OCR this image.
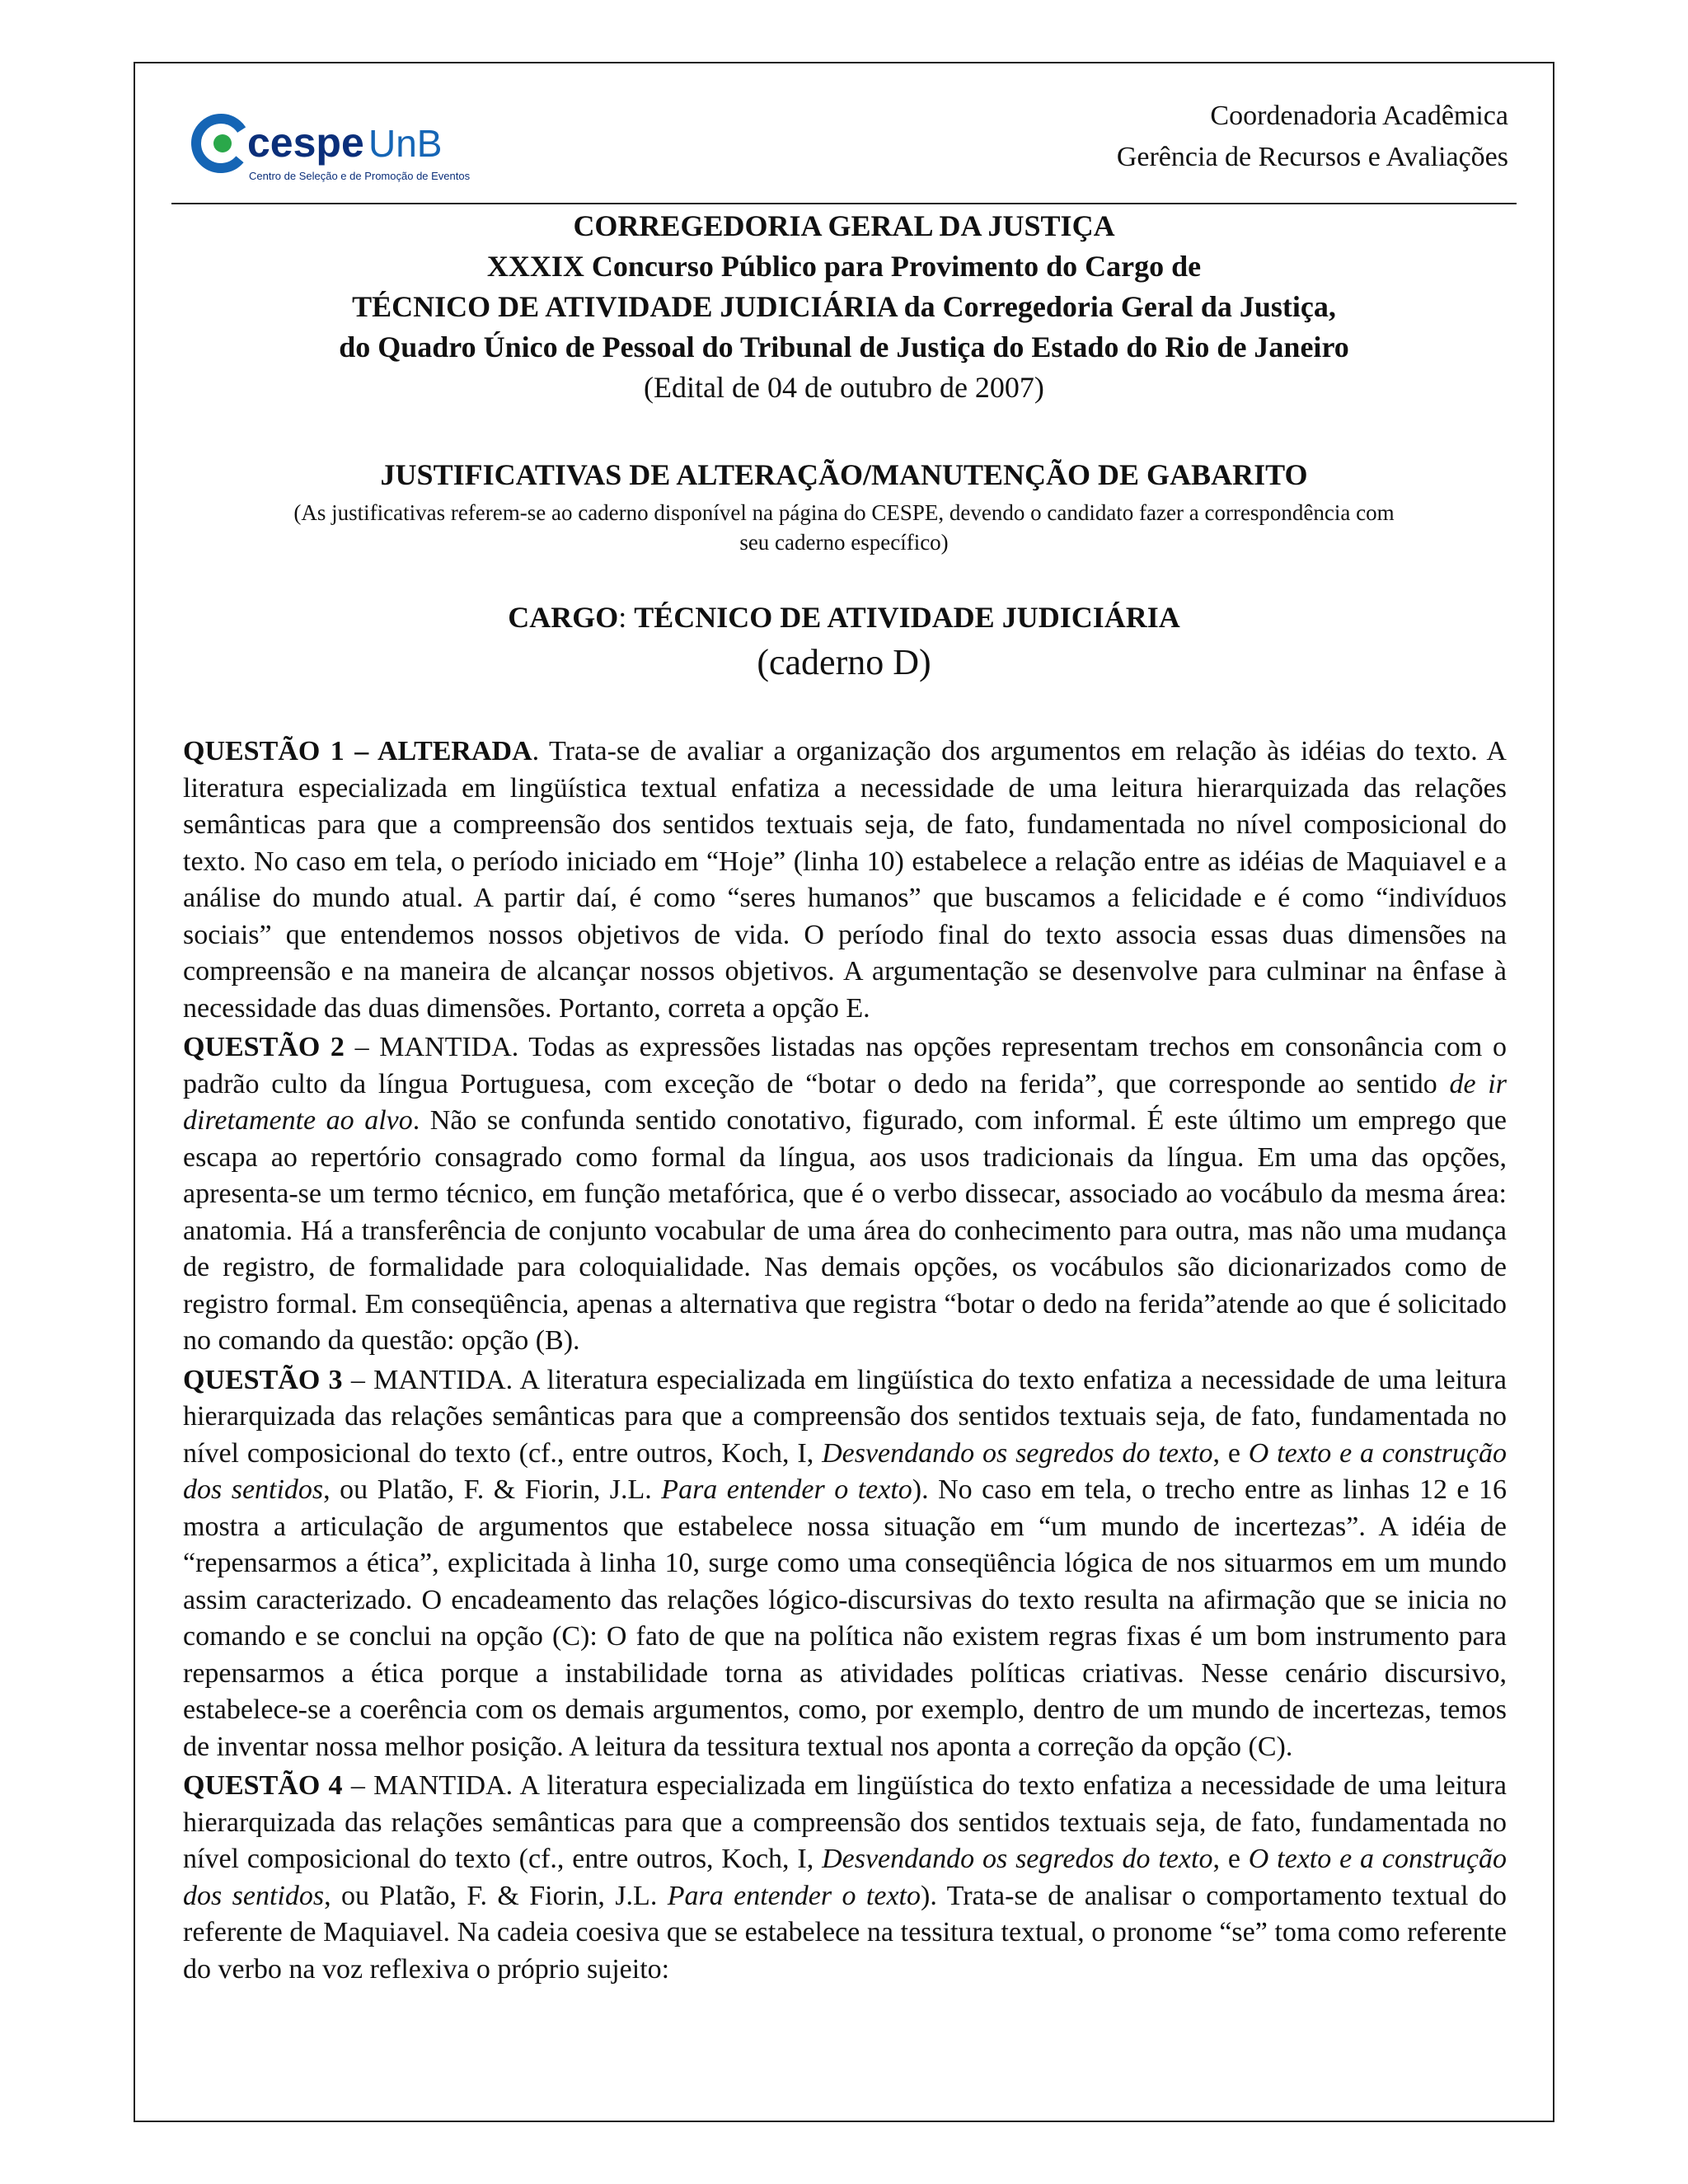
cespe UnB
Centro de Seleção e de Promoção de Eventos
Coordenadoria Acadêmica
Gerência de Recursos e Avaliações
CORREGEDORIA GERAL DA JUSTIÇA
XXXIX Concurso Público para Provimento do Cargo de
TÉCNICO DE ATIVIDADE JUDICIÁRIA da Corregedoria Geral da Justiça,
do Quadro Único de Pessoal do Tribunal de Justiça do Estado do Rio de Janeiro
(Edital de 04 de outubro de 2007)
JUSTIFICATIVAS DE ALTERAÇÃO/MANUTENÇÃO DE GABARITO
(As justificativas referem-se ao caderno disponível na página do CESPE, devendo o candidato fazer a correspondência com
seu caderno específico)
CARGO: TÉCNICO DE ATIVIDADE JUDICIÁRIA
(caderno D)

QUESTÃO 1 – ALTERADA. Trata-se de avaliar a organização dos argumentos em relação às idéias do texto. A literatura especializada em lingüística textual enfatiza a necessidade de uma leitura hierarquizada das relações semânticas para que a compreensão dos sentidos textuais seja, de fato, fundamentada no nível composicional do texto. No caso em tela, o período iniciado em “Hoje” (linha 10) estabelece a relação entre as idéias de Maquiavel e a análise do mundo atual. A partir daí, é como “seres humanos” que buscamos a felicidade e é como “indivíduos sociais” que entendemos nossos objetivos de vida. O período final do texto associa essas duas dimensões na compreensão e na maneira de alcançar nossos objetivos. A argumentação se desenvolve para culminar na ênfase à necessidade das duas dimensões. Portanto, correta a opção E.

QUESTÃO 2 – MANTIDA. Todas as expressões listadas nas opções representam trechos em consonância com o padrão culto da língua Portuguesa, com exceção de “botar o dedo na ferida”, que corresponde ao sentido de ir diretamente ao alvo. Não se confunda sentido conotativo, figurado, com informal. É este último um emprego que escapa ao repertório consagrado como formal da língua, aos usos tradicionais da língua. Em uma das opções, apresenta-se um termo técnico, em função metafórica, que é o verbo dissecar, associado ao vocábulo da mesma área: anatomia. Há a transferência de conjunto vocabular de uma área do conhecimento para outra, mas não uma mudança de registro, de formalidade para coloquialidade. Nas demais opções, os vocábulos são dicionarizados como de registro formal. Em conseqüência, apenas a alternativa que registra “botar o dedo na ferida”atende ao que é solicitado no comando da questão: opção (B).

QUESTÃO 3 – MANTIDA. A literatura especializada em lingüística do texto enfatiza a necessidade de uma leitura hierarquizada das relações semânticas para que a compreensão dos sentidos textuais seja, de fato, fundamentada no nível composicional do texto (cf., entre outros, Koch, I, Desvendando os segredos do texto, e O texto e a construção dos sentidos, ou Platão, F. & Fiorin, J.L. Para entender o texto). No caso em tela, o trecho entre as linhas 12 e 16 mostra a articulação de argumentos que estabelece nossa situação em “um mundo de incertezas”. A idéia de “repensarmos a ética”, explicitada à linha 10, surge como uma conseqüência lógica de nos situarmos em um mundo assim caracterizado. O encadeamento das relações lógico-discursivas do texto resulta na afirmação que se inicia no comando e se conclui na opção (C): O fato de que na política não existem regras fixas é um bom instrumento para repensarmos a ética porque a instabilidade torna as atividades políticas criativas. Nesse cenário discursivo, estabelece-se a coerência com os demais argumentos, como, por exemplo, dentro de um mundo de incertezas, temos de inventar nossa melhor posição. A leitura da tessitura textual nos aponta a correção da opção (C).

QUESTÃO 4 – MANTIDA. A literatura especializada em lingüística do texto enfatiza a necessidade de uma leitura hierarquizada das relações semânticas para que a compreensão dos sentidos textuais seja, de fato, fundamentada no nível composicional do texto (cf., entre outros, Koch, I, Desvendando os segredos do texto, e O texto e a construção dos sentidos, ou Platão, F. & Fiorin, J.L. Para entender o texto). Trata-se de analisar o comportamento textual do referente de Maquiavel. Na cadeia coesiva que se estabelece na tessitura textual, o pronome “se” toma como referente do verbo na voz reflexiva o próprio sujeito:
